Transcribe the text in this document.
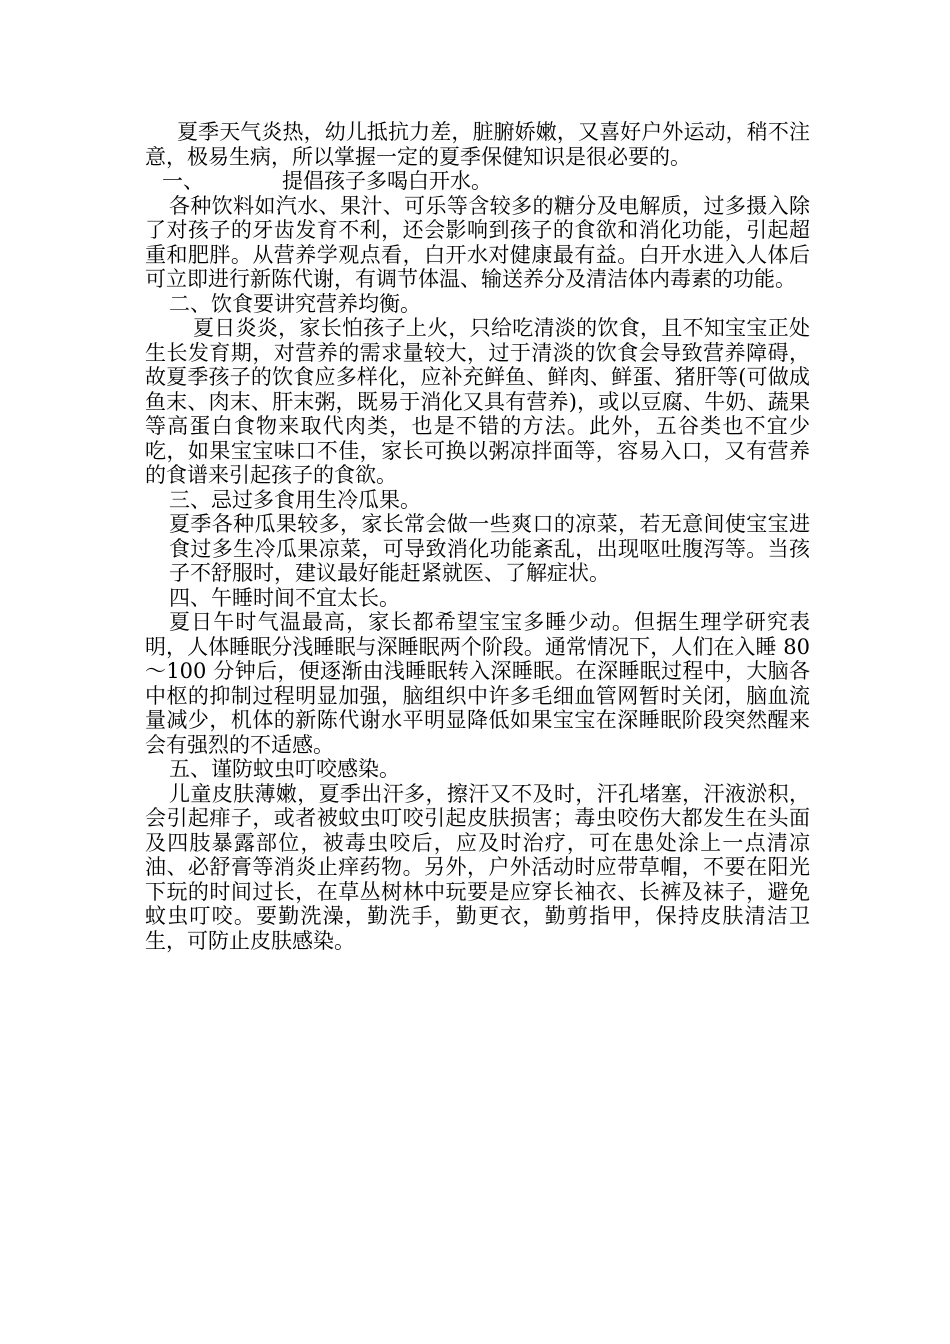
夏季天气炎热，幼儿抵抗力差，脏腑娇嫩，又喜好户外运动，稍不注意，极易生病，所以掌握一定的夏季保健知识是很必要的。

一、	提倡孩子多喝白开水。

各种饮料如汽水、果汁、可乐等含较多的糖分及电解质，过多摄入除了对孩子的牙齿发育不利，还会影响到孩子的食欲和消化功能，引起超重和肥胖。从营养学观点看，白开水对健康最有益。白开水进入人体后可立即进行新陈代谢，有调节体温、输送养分及清洁体内毒素的功能。

二、饮食要讲究营养均衡。

夏日炎炎，家长怕孩子上火，只给吃清淡的饮食，且不知宝宝正处生长发育期，对营养的需求量较大，过于清淡的饮食会导致营养障碍，故夏季孩子的饮食应多样化，应补充鲜鱼、鲜肉、鲜蛋、猪肝等(可做成鱼末、肉末、肝末粥，既易于消化又具有营养)，或以豆腐、牛奶、蔬果等高蛋白食物来取代肉类，也是不错的方法。此外，五谷类也不宜少吃，如果宝宝味口不佳，家长可换以粥凉拌面等，容易入口，又有营养的食谱来引起孩子的食欲。

三、忌过多食用生冷瓜果。

夏季各种瓜果较多，家长常会做一些爽口的凉菜，若无意间使宝宝进食过多生冷瓜果凉菜，可导致消化功能紊乱，出现呕吐腹泻等。当孩子不舒服时，建议最好能赶紧就医、了解症状。

四、午睡时间不宜太长。

夏日午时气温最高，家长都希望宝宝多睡少动。但据生理学研究表明，人体睡眠分浅睡眠与深睡眠两个阶段。通常情况下，人们在入睡 80～100 分钟后，便逐渐由浅睡眠转入深睡眠。在深睡眠过程中，大脑各中枢的抑制过程明显加强，脑组织中许多毛细血管网暂时关闭，脑血流量减少，机体的新陈代谢水平明显降低如果宝宝在深睡眠阶段突然醒来会有强烈的不适感。

五、谨防蚊虫叮咬感染。

儿童皮肤薄嫩，夏季出汗多，擦汗又不及时，汗孔堵塞，汗液淤积，会引起痱子，或者被蚊虫叮咬引起皮肤损害；毒虫咬伤大都发生在头面及四肢暴露部位，被毒虫咬后，应及时治疗，可在患处涂上一点清凉油、必舒膏等消炎止痒药物。另外，户外活动时应带草帽，不要在阳光下玩的时间过长，在草丛树林中玩要是应穿长袖衣、长裤及袜子，避免蚊虫叮咬。要勤洗澡，勤洗手，勤更衣，勤剪指甲，保持皮肤清洁卫生，可防止皮肤感染。
